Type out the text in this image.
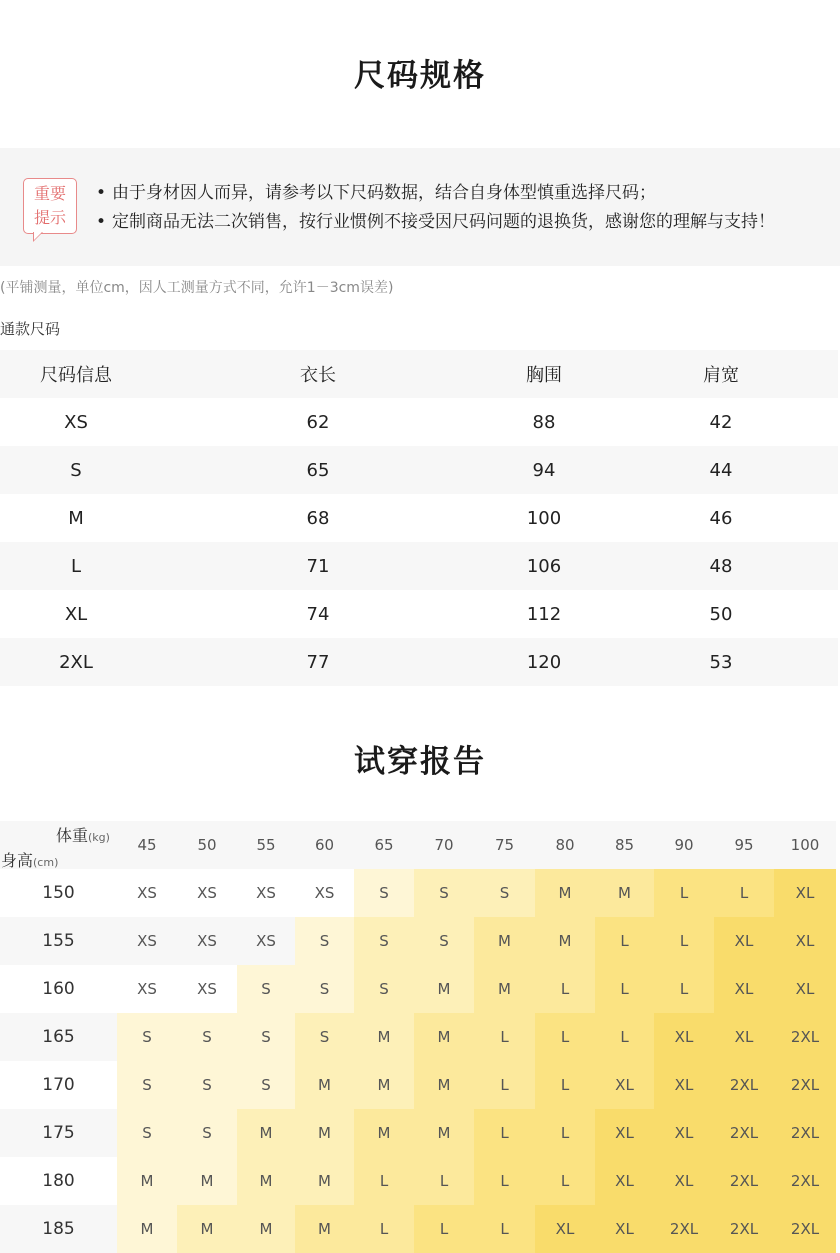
尺码规格
重要
提示
• 由于身材因人而异，请参考以下尺码数据，结合自身体型慎重选择尺码；
• 定制商品无法二次销售，按行业惯例不接受因尺码问题的退换货，感谢您的理解与支持！
(平铺测量，单位cm，因人工测量方式不同，允许1－3cm误差)
通款尺码
尺码信息	衣长	胸围	肩宽
XS	62	88	42
S	65	94	44
M	68	100	46
L	71	106	48
XL	74	112	50
2XL	77	120	53
试穿报告
体重(kg)
身高(cm)	45	50	55	60	65	70	75	80	85	90	95	100
150	XS	XS	XS	XS	S	S	S	M	M	L	L	XL
155	XS	XS	XS	S	S	S	M	M	L	L	XL	XL
160	XS	XS	S	S	S	M	M	L	L	L	XL	XL
165	S	S	S	S	M	M	L	L	L	XL	XL	2XL
170	S	S	S	M	M	M	L	L	XL	XL	2XL	2XL
175	S	S	M	M	M	M	L	L	XL	XL	2XL	2XL
180	M	M	M	M	L	L	L	L	XL	XL	2XL	2XL
185	M	M	M	M	L	L	L	XL	XL	2XL	2XL	2XL
